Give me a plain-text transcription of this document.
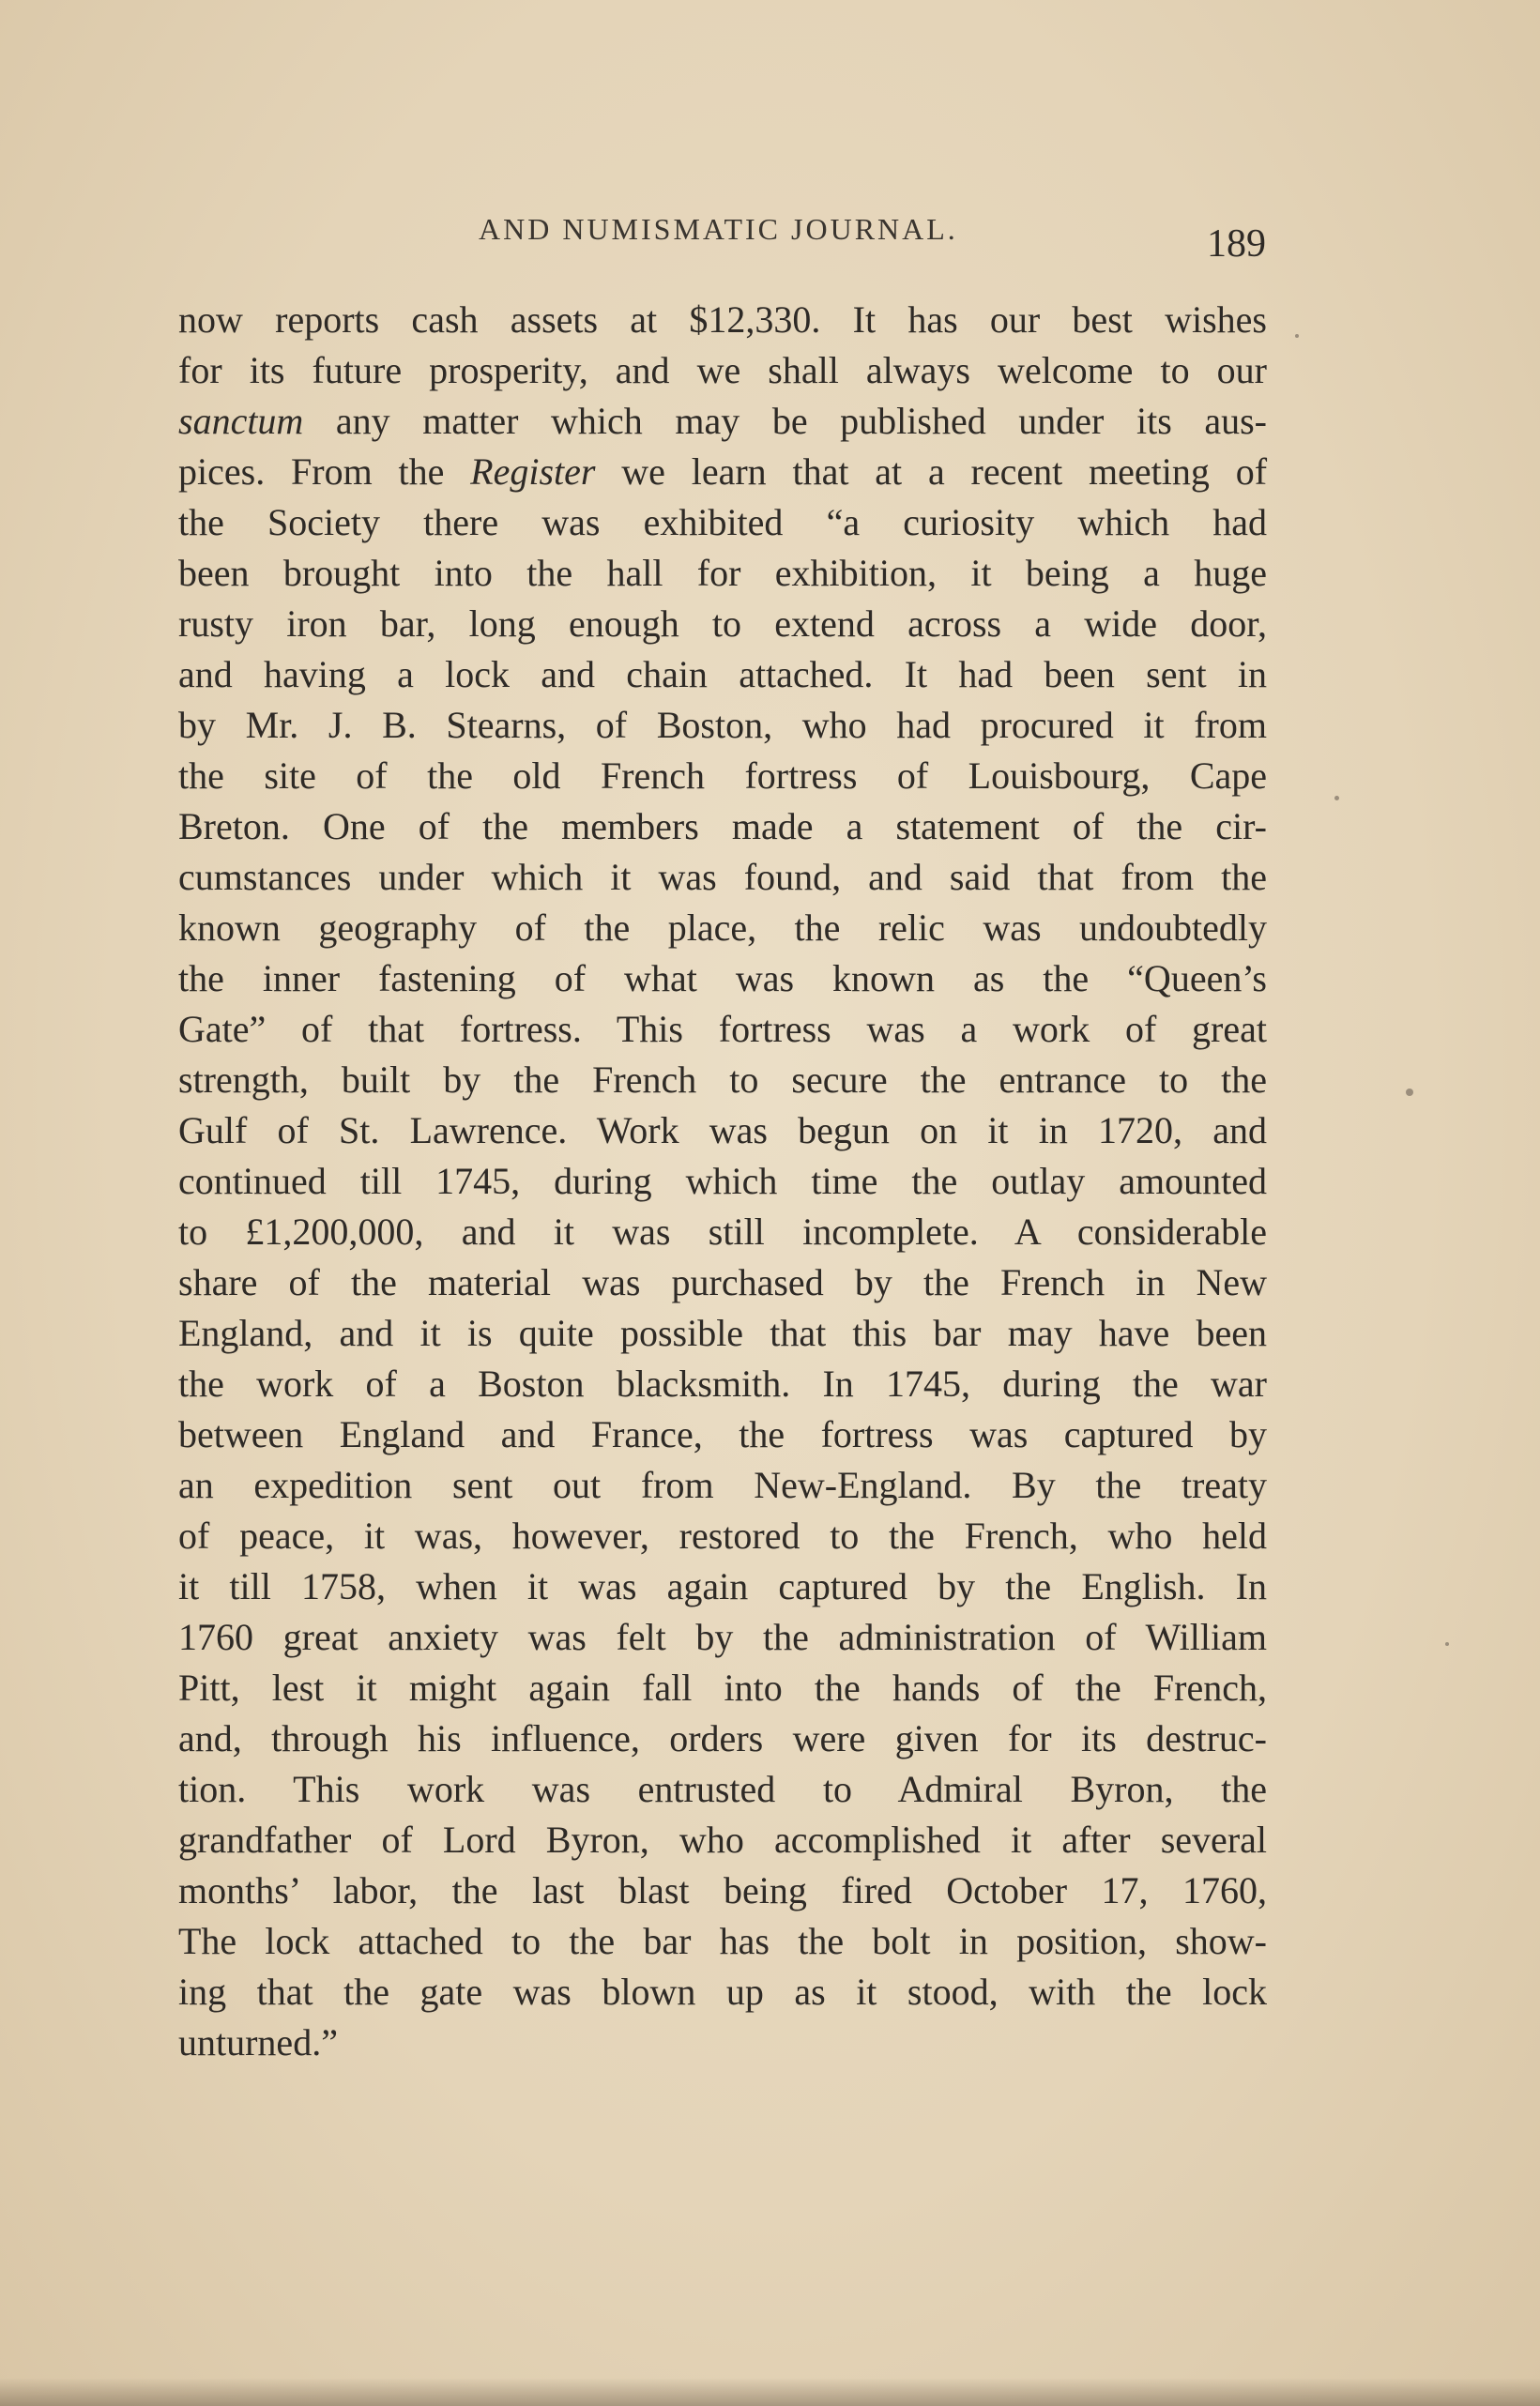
AND NUMISMATIC JOURNAL.	189
now reports cash assets at $12,330. It has our best wishes
for its future prosperity, and we shall always welcome to our
sanctum any matter which may be published under its aus-
pices. From the Register we learn that at a recent meeting of
the Society there was exhibited “a curiosity which had
been brought into the hall for exhibition, it being a huge
rusty iron bar, long enough to extend across a wide door,
and having a lock and chain attached. It had been sent in
by Mr. J. B. Stearns, of Boston, who had procured it from
the site of the old French fortress of Louisbourg, Cape
Breton. One of the members made a statement of the cir-
cumstances under which it was found, and said that from the
known geography of the place, the relic was undoubtedly
the inner fastening of what was known as the “Queen’s
Gate” of that fortress. This fortress was a work of great
strength, built by the French to secure the entrance to the
Gulf of St. Lawrence. Work was begun on it in 1720, and
continued till 1745, during which time the outlay amounted
to £1,200,000, and it was still incomplete. A considerable
share of the material was purchased by the French in New
England, and it is quite possible that this bar may have been
the work of a Boston blacksmith. In 1745, during the war
between England and France, the fortress was captured by
an expedition sent out from New-England. By the treaty
of peace, it was, however, restored to the French, who held
it till 1758, when it was again captured by the English. In
1760 great anxiety was felt by the administration of William
Pitt, lest it might again fall into the hands of the French,
and, through his influence, orders were given for its destruc-
tion. This work was entrusted to Admiral Byron, the
grandfather of Lord Byron, who accomplished it after several
months’ labor, the last blast being fired October 17, 1760,
The lock attached to the bar has the bolt in position, show-
ing that the gate was blown up as it stood, with the lock
unturned.”
